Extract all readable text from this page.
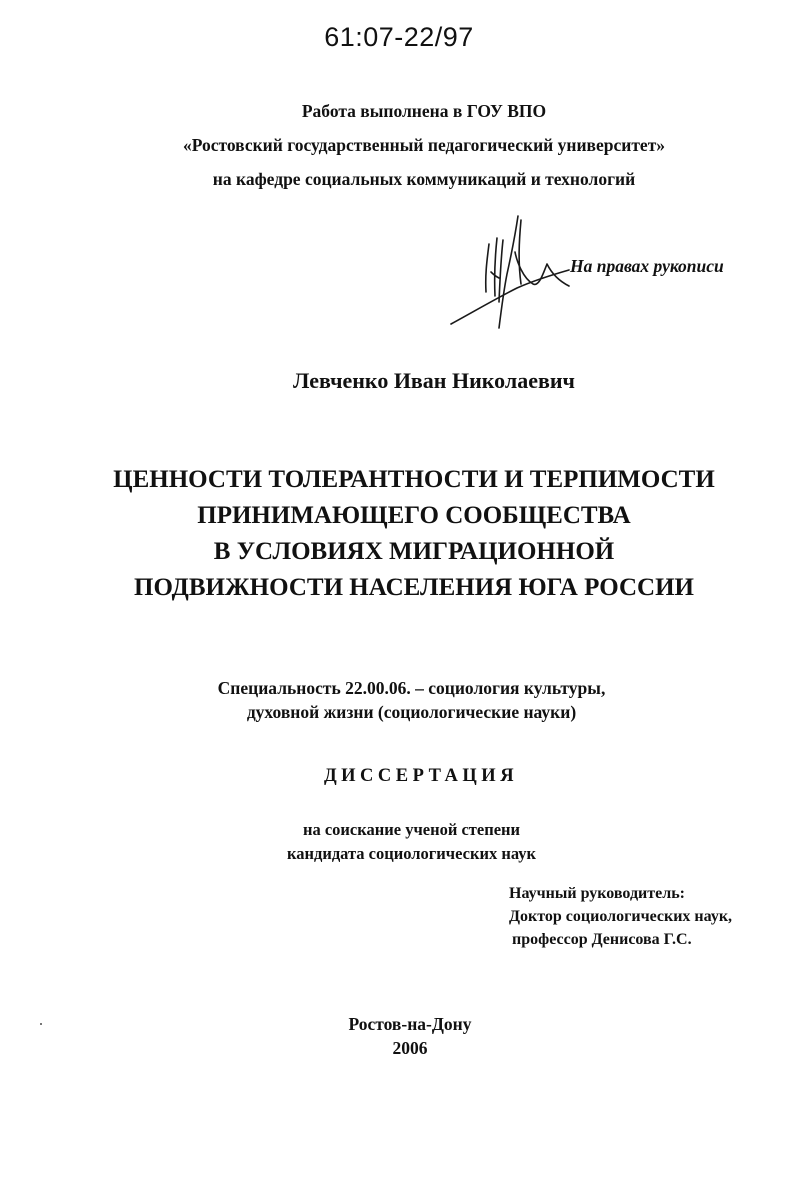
61:07-22/97
Работа выполнена в ГОУ ВПО
«Ростовский государственный педагогический университет»
на кафедре социальных коммуникаций и технологий
На правах рукописи
Левченко Иван Николаевич
ЦЕННОСТИ ТОЛЕРАНТНОСТИ И ТЕРПИМОСТИ
ПРИНИМАЮЩЕГО СООБЩЕСТВА
В УСЛОВИЯХ МИГРАЦИОННОЙ
ПОДВИЖНОСТИ НАСЕЛЕНИЯ ЮГА РОССИИ
Специальность 22.00.06. – социология культуры,
духовной жизни (социологические науки)
ДИССЕРТАЦИЯ
на соискание ученой степени
кандидата социологических наук
Научный руководитель:
Доктор социологических наук,
профессор Денисова Г.С.
Ростов-на-Дону
2006
